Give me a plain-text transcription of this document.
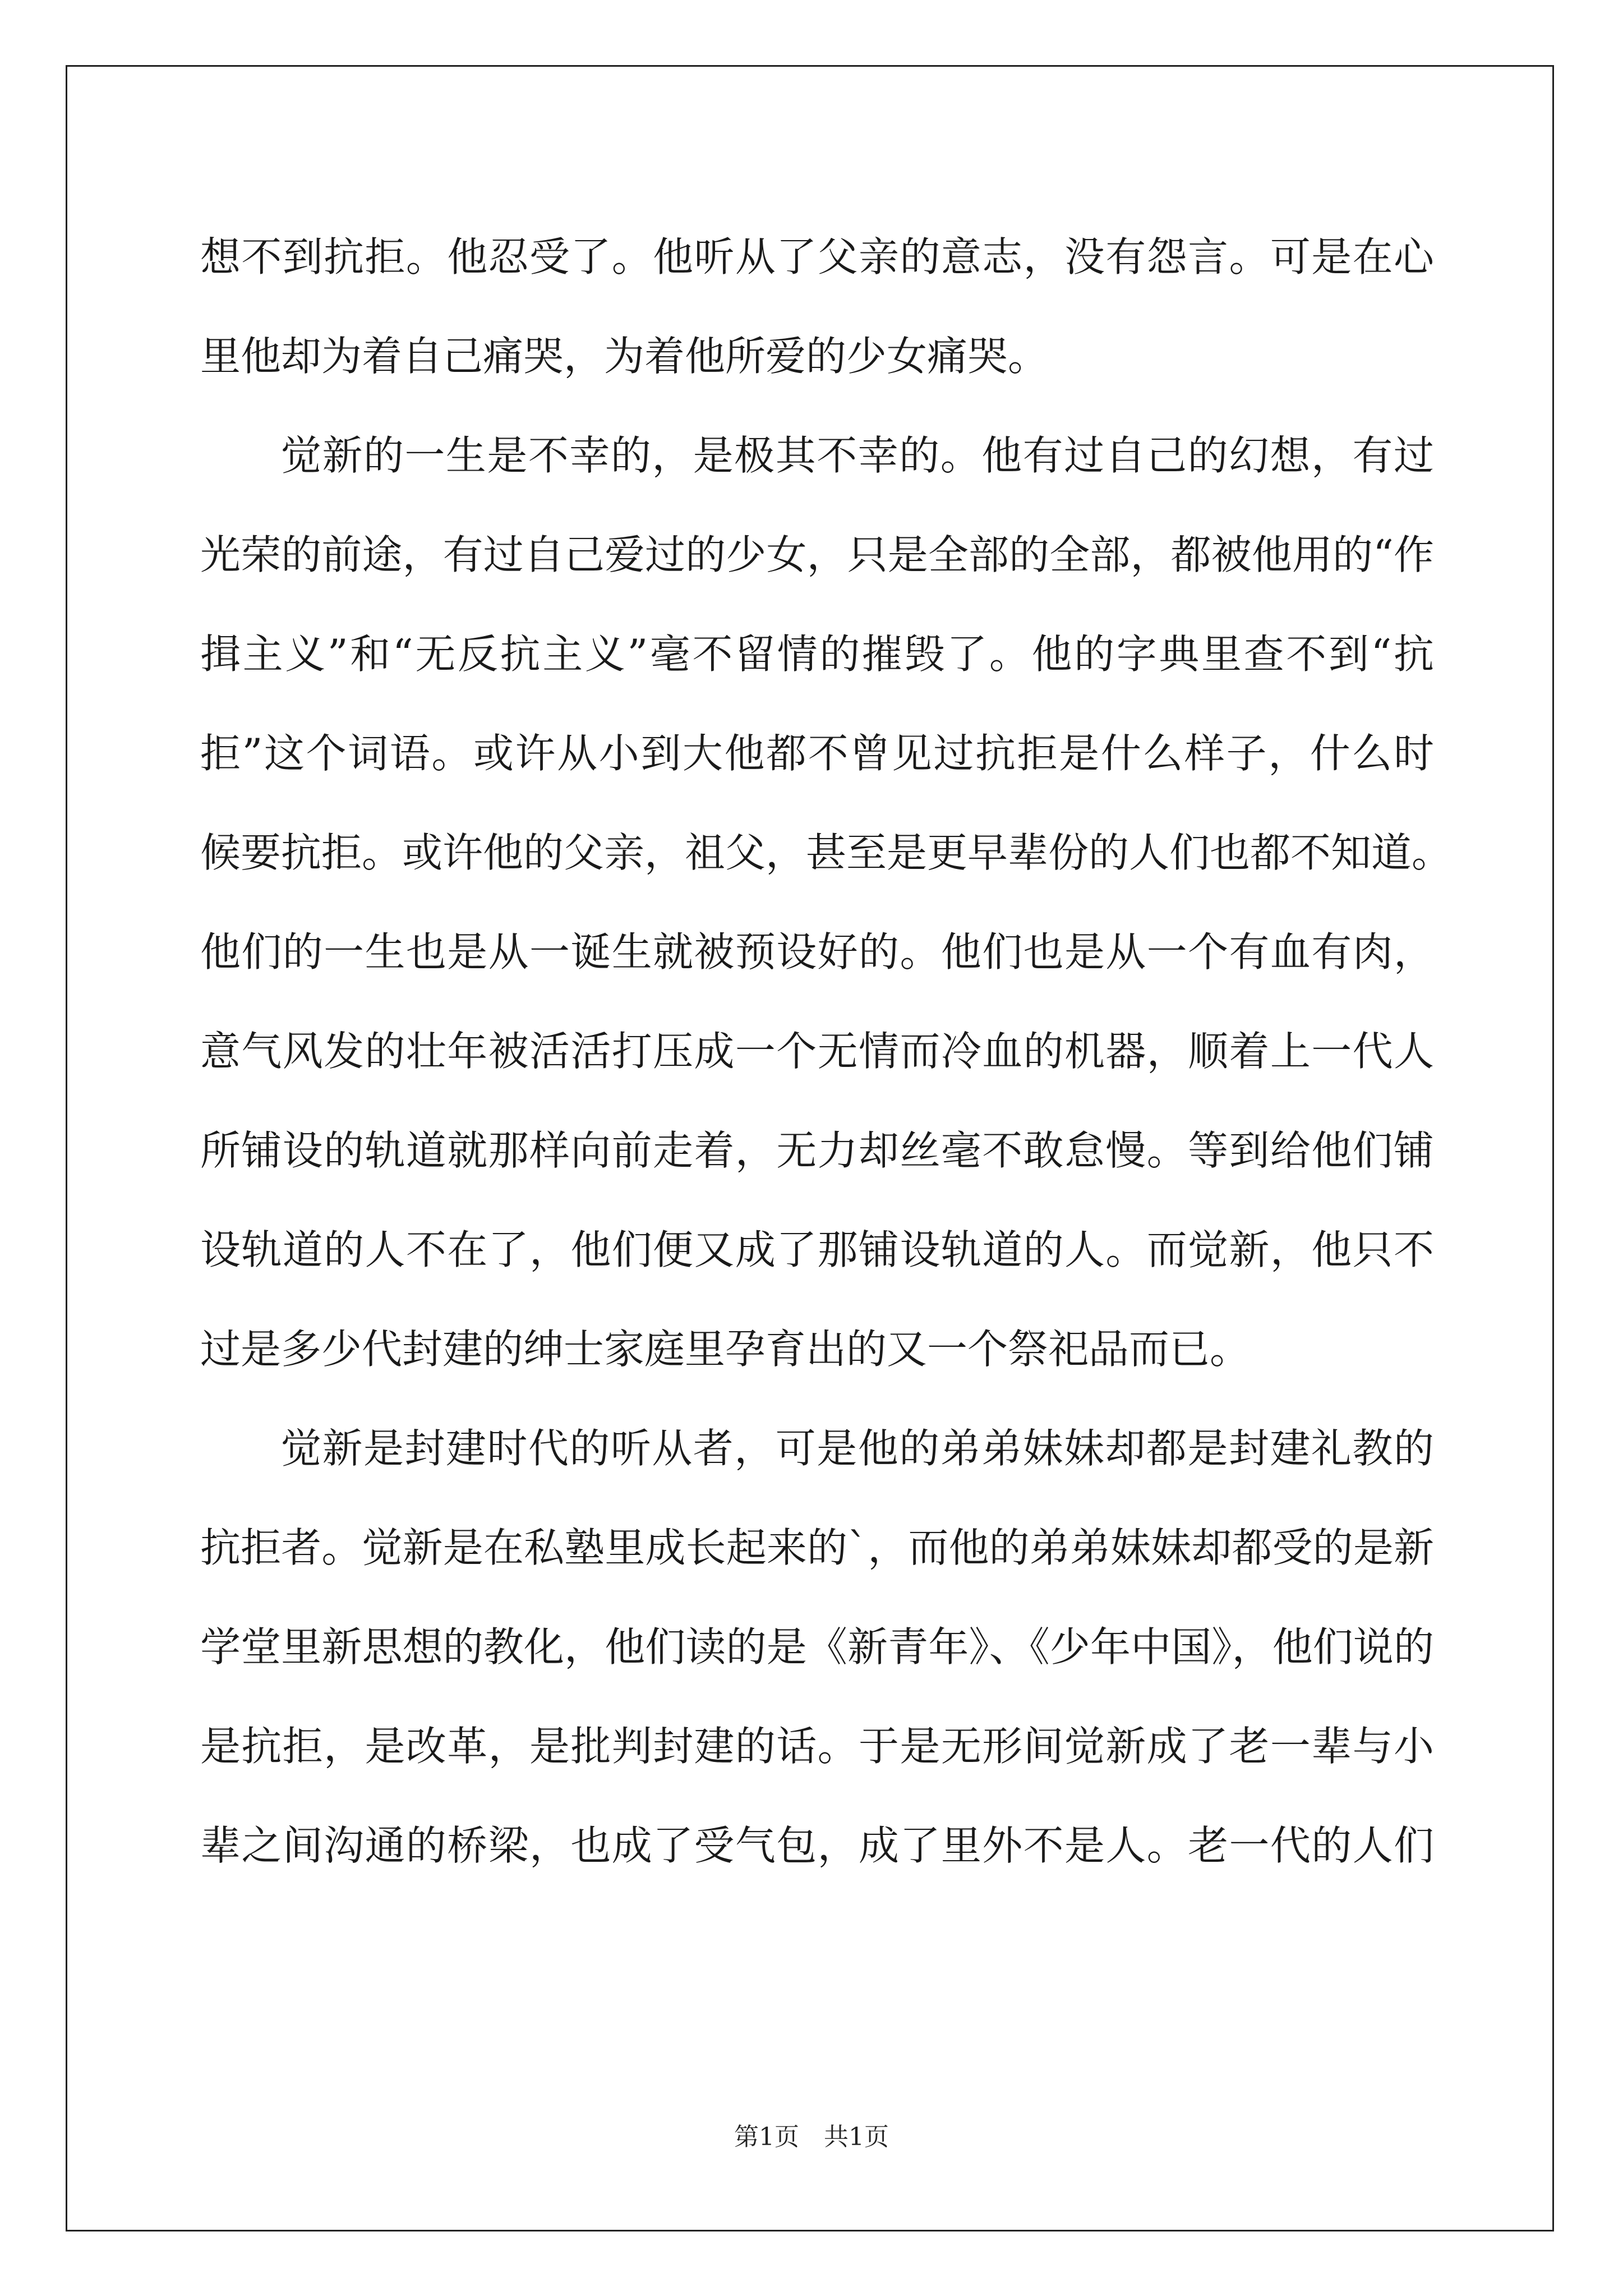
想不到抗拒。他忍受了。他听从了父亲的意志，没有怨言。可是在心
里他却为着自己痛哭，为着他所爱的少女痛哭。
觉新的一生是不幸的，是极其不幸的。他有过自己的幻想，有过
光荣的前途，有过自己爱过的少女，只是全部的全部，都被他用的“作
揖主义”和“无反抗主义”毫不留情的摧毁了。他的字典里查不到“抗
拒”这个词语。或许从小到大他都不曾见过抗拒是什么样子，什么时
候要抗拒。或许他的父亲，祖父，甚至是更早辈份的人们也都不知道。
他们的一生也是从一诞生就被预设好的。他们也是从一个有血有肉，
意气风发的壮年被活活打压成一个无情而冷血的机器，顺着上一代人
所铺设的轨道就那样向前走着，无力却丝毫不敢怠慢。等到给他们铺
设轨道的人不在了，他们便又成了那铺设轨道的人。而觉新，他只不
过是多少代封建的绅士家庭里孕育出的又一个祭祀品而已。
觉新是封建时代的听从者，可是他的弟弟妹妹却都是封建礼教的
抗拒者。觉新是在私塾里成长起来的`，而他的弟弟妹妹却都受的是新
学堂里新思想的教化，他们读的是《新青年》、《少年中国》，他们说的
是抗拒，是改革，是批判封建的话。于是无形间觉新成了老一辈与小
辈之间沟通的桥梁，也成了受气包，成了里外不是人。老一代的人们
第1页　共1页
